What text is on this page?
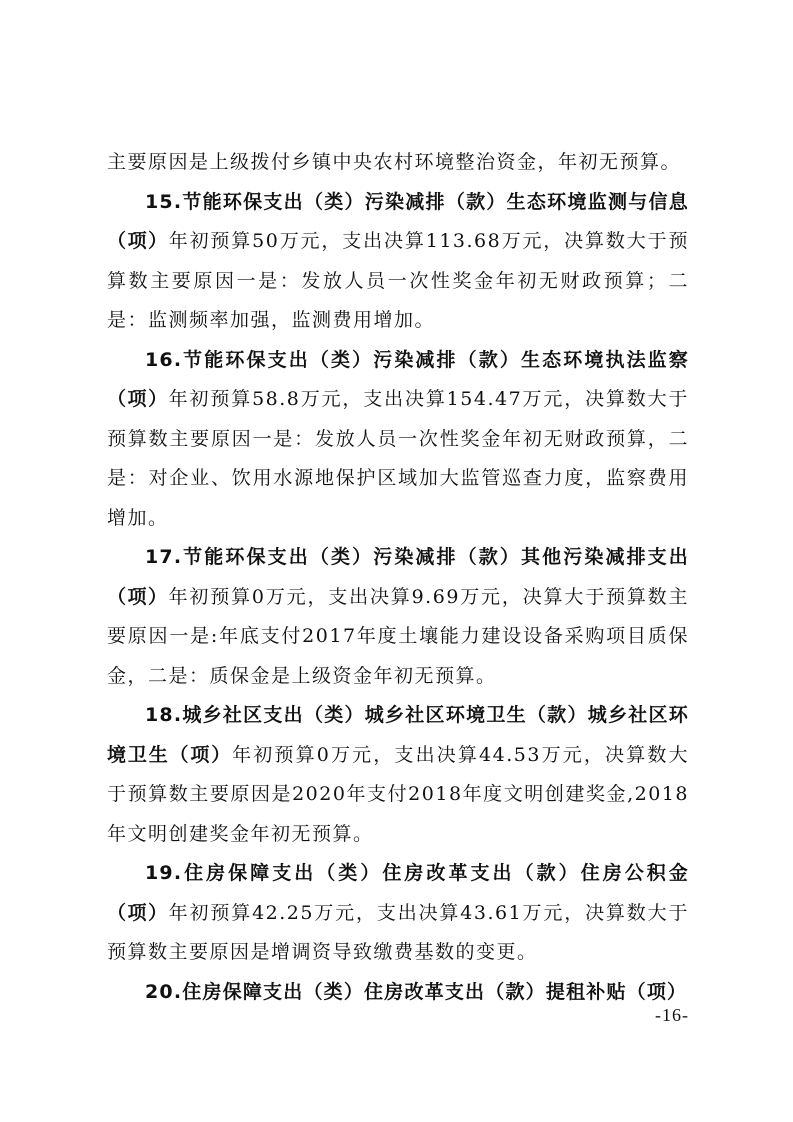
主要原因是上级拨付乡镇中央农村环境整治资金，年初无预算。

15.节能环保支出（类）污染减排（款）生态环境监测与信息（项）年初预算50万元，支出决算113.68万元，决算数大于预算数主要原因一是：发放人员一次性奖金年初无财政预算；二是：监测频率加强，监测费用增加。

16.节能环保支出（类）污染减排（款）生态环境执法监察（项）年初预算58.8万元，支出决算154.47万元，决算数大于预算数主要原因一是：发放人员一次性奖金年初无财政预算，二是：对企业、饮用水源地保护区域加大监管巡查力度，监察费用增加。

17.节能环保支出（类）污染减排（款）其他污染减排支出（项）年初预算0万元，支出决算9.69万元，决算大于预算数主要原因一是:年底支付2017年度土壤能力建设设备采购项目质保金，二是：质保金是上级资金年初无预算。

18.城乡社区支出（类）城乡社区环境卫生（款）城乡社区环境卫生（项）年初预算0万元，支出决算44.53万元，决算数大于预算数主要原因是2020年支付2018年度文明创建奖金,2018年文明创建奖金年初无预算。

19.住房保障支出（类）住房改革支出（款）住房公积金（项）年初预算42.25万元，支出决算43.61万元，决算数大于预算数主要原因是增调资导致缴费基数的变更。

20.住房保障支出（类）住房改革支出（款）提租补贴（项）

-16-
